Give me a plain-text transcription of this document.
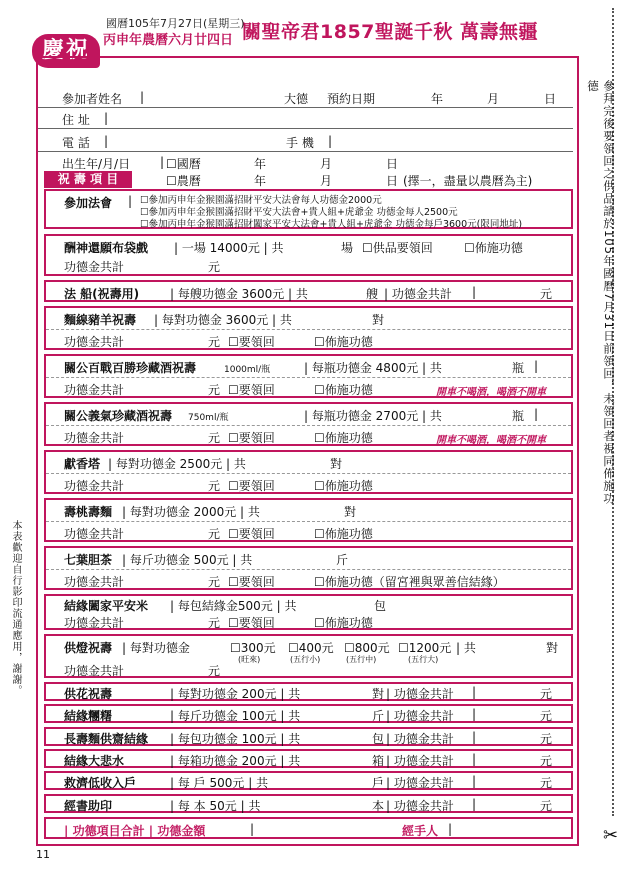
慶祝
國曆105年7月27日(星期三)
丙申年農曆六月廿四日 關聖帝君1857聖誕千秋 萬壽無疆
參拜完後要領回之供品請於105年國曆7月31日前領回，未領回者視同佈施功德
本表歡迎自行影印流通應用，謝謝。
✂
11
參加者姓名 |	大德 預約日期	年	月	日
住 址 |
電 話 |	手 機 |
出生年/月/日 | ☐國曆	年	月	日
祝 壽 項 目	☐農曆	年	月	日 (擇一，盡量以農曆為主)
參加法會 | ☐參加丙申年金猴園滿招財平安大法會每人功德金2000元
☐參加丙申年金猴園滿招財平安大法會+貴人組+虎爺金 功德金每人2500元
☐參加丙申年金猴園滿招財闔家平安大法會+貴人組+虎爺金 功德金每戶3600元(限同地址)
酬神還願布袋戲 | 一場 14000元 | 共	場 ☐供品要領回	☐佈施功德
功德金共計	元
法 船(祝壽用)	| 每艘功德金 3600元 | 共	艘 | 功德金共計 |	元
麵線豬羊祝壽 | 每對功德金 3600元 | 共	對
功德金共計	元 ☐要領回	☐佈施功德
關公百戰百勝珍藏酒祝壽	1000ml/瓶	| 每瓶功德金 4800元 | 共	瓶 |
功德金共計	元 ☐要領回	☐佈施功德	開車不喝酒，喝酒不開車
關公義氣珍藏酒祝壽 750ml/瓶	| 每瓶功德金 2700元 | 共	瓶 |
功德金共計	元 ☐要領回	☐佈施功德	開車不喝酒，喝酒不開車
獻香塔 | 每對功德金 2500元 | 共	對
功德金共計	元 ☐要領回	☐佈施功德
壽桃壽麵 | 每對功德金 2000元 | 共	對
功德金共計	元 ☐要領回	☐佈施功德
七葉胆茶 | 每斤功德金 500元 | 共	斤
功德金共計	元 ☐要領回	☐佈施功德（留宮裡與眾善信結緣）
結緣闔家平安米 | 每包結緣金500元 | 共	包
功德金共計	元 ☐要領回	☐佈施功德
供燈祝壽 | 每對功德金	☐300元 ☐400元 ☐800元 ☐1200元 | 共	對
(旺來)	(五行小)	(五行中)	(五行大)
功德金共計	元
供花祝壽	| 每對功德金 200元 | 共	對 | 功德金共計 |	元
結緣糰糬	| 每斤功德金 100元 | 共	斤 | 功德金共計 |	元
長壽麵供齋結緣 | 每包功德金 100元 | 共	包 | 功德金共計 |	元
結緣大悲水	| 每箱功德金 200元 | 共	箱 | 功德金共計 |	元
救濟低收入戶	| 每 戶 500元 | 共	戶 | 功德金共計 |	元
經書助印	| 每 本 50元 | 共	本 | 功德金共計 |	元
| 功德項目合計 | 功德金額	|	經手人 |
